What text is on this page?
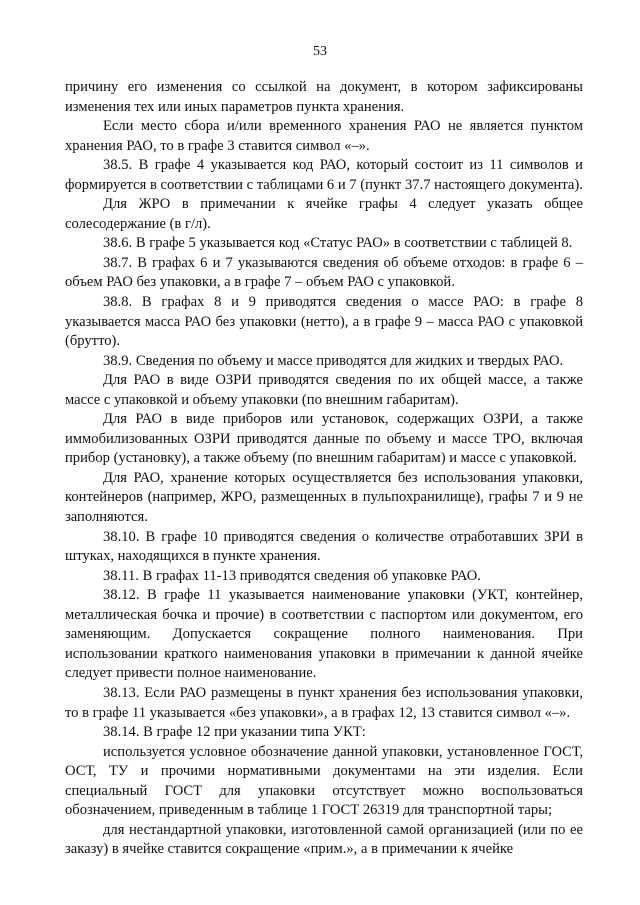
53

причину его изменения со ссылкой на документ, в котором зафиксированы изменения тех или иных параметров пункта хранения.

Если место сбора и/или временного хранения РАО не является пунктом хранения РАО, то в графе 3 ставится символ «–».

38.5. В графе 4 указывается код РАО, который состоит из 11 символов и формируется в соответствии с таблицами 6 и 7 (пункт 37.7 настоящего документа).

Для ЖРО в примечании к ячейке графы 4 следует указать общее солесодержание (в г/л).

38.6. В графе 5 указывается код «Статус РАО» в соответствии с таблицей 8.

38.7. В графах 6 и 7 указываются сведения об объеме отходов: в графе 6 – объем РАО без упаковки, а в графе 7 – объем РАО с упаковкой.

38.8. В графах 8 и 9 приводятся сведения о массе РАО: в графе 8 указывается масса РАО без упаковки (нетто), а в графе 9 – масса РАО с упаковкой (брутто).

38.9. Сведения по объему и массе приводятся для жидких и твердых РАО.

Для РАО в виде ОЗРИ приводятся сведения по их общей массе, а также массе с упаковкой и объему упаковки (по внешним габаритам).

Для РАО в виде приборов или установок, содержащих ОЗРИ, а также иммобилизованных ОЗРИ приводятся данные по объему и массе ТРО, включая прибор (установку), а также объему (по внешним габаритам) и массе с упаковкой.

Для РАО, хранение которых осуществляется без использования упаковки, контейнеров (например, ЖРО, размещенных в пульпохранилище), графы 7 и 9 не заполняются.

38.10. В графе 10 приводятся сведения о количестве отработавших ЗРИ в штуках, находящихся в пункте хранения.

38.11. В графах 11-13 приводятся сведения об упаковке РАО.

38.12. В графе 11 указывается наименование упаковки (УКТ, контейнер, металлическая бочка и прочие) в соответствии с паспортом или документом, его заменяющим. Допускается сокращение полного наименования. При использовании краткого наименования упаковки в примечании к данной ячейке следует привести полное наименование.

38.13. Если РАО размещены в пункт хранения без использования упаковки, то в графе 11 указывается «без упаковки», а в графах 12, 13 ставится символ «–».

38.14. В графе 12 при указании типа УКТ:

используется условное обозначение данной упаковки, установленное ГОСТ, ОСТ, ТУ и прочими нормативными документами на эти изделия. Если специальный ГОСТ для упаковки отсутствует можно воспользоваться обозначением, приведенным в таблице 1 ГОСТ 26319 для транспортной тары;

для нестандартной упаковки, изготовленной самой организацией (или по ее заказу) в ячейке ставится сокращение «прим.», а в примечании к ячейке
